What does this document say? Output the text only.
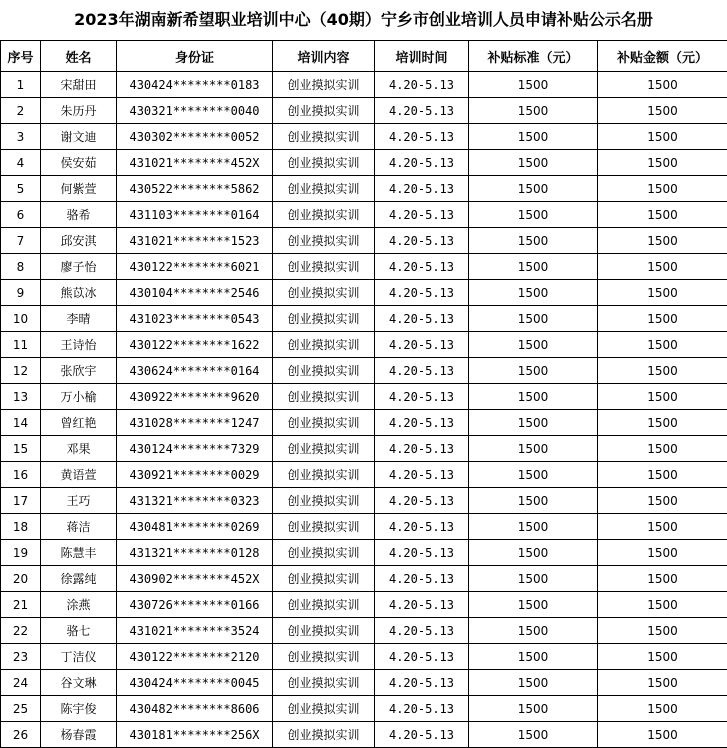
2023年湖南新希望职业培训中心（40期）宁乡市创业培训人员申请补贴公示名册
序号	姓名	身份证	培训内容	培训时间	补贴标准（元）	补贴金额（元）
1	宋甜田	430424********0183	创业摸拟实训	4.20-5.13	1500	1500
2	朱历丹	430321********0040	创业摸拟实训	4.20-5.13	1500	1500
3	谢文迪	430302********0052	创业摸拟实训	4.20-5.13	1500	1500
4	侯安茹	431021********452X	创业摸拟实训	4.20-5.13	1500	1500
5	何紫萱	430522********5862	创业摸拟实训	4.20-5.13	1500	1500
6	骆希	431103********0164	创业摸拟实训	4.20-5.13	1500	1500
7	邱安淇	431021********1523	创业摸拟实训	4.20-5.13	1500	1500
8	廖子怡	430122********6021	创业摸拟实训	4.20-5.13	1500	1500
9	熊苡冰	430104********2546	创业摸拟实训	4.20-5.13	1500	1500
10	李晴	431023********0543	创业摸拟实训	4.20-5.13	1500	1500
11	王诗怡	430122********1622	创业摸拟实训	4.20-5.13	1500	1500
12	张欣宇	430624********0164	创业摸拟实训	4.20-5.13	1500	1500
13	万小榆	430922********9620	创业摸拟实训	4.20-5.13	1500	1500
14	曾红艳	431028********1247	创业摸拟实训	4.20-5.13	1500	1500
15	邓果	430124********7329	创业摸拟实训	4.20-5.13	1500	1500
16	黄语萱	430921********0029	创业摸拟实训	4.20-5.13	1500	1500
17	王巧	431321********0323	创业摸拟实训	4.20-5.13	1500	1500
18	蒋洁	430481********0269	创业摸拟实训	4.20-5.13	1500	1500
19	陈慧丰	431321********0128	创业摸拟实训	4.20-5.13	1500	1500
20	徐露纯	430902********452X	创业摸拟实训	4.20-5.13	1500	1500
21	涂燕	430726********0166	创业摸拟实训	4.20-5.13	1500	1500
22	骆七	431021********3524	创业摸拟实训	4.20-5.13	1500	1500
23	丁洁仪	430122********2120	创业摸拟实训	4.20-5.13	1500	1500
24	谷文琳	430424********0045	创业摸拟实训	4.20-5.13	1500	1500
25	陈宇俊	430482********8606	创业摸拟实训	4.20-5.13	1500	1500
26	杨春霞	430181********256X	创业摸拟实训	4.20-5.13	1500	1500
